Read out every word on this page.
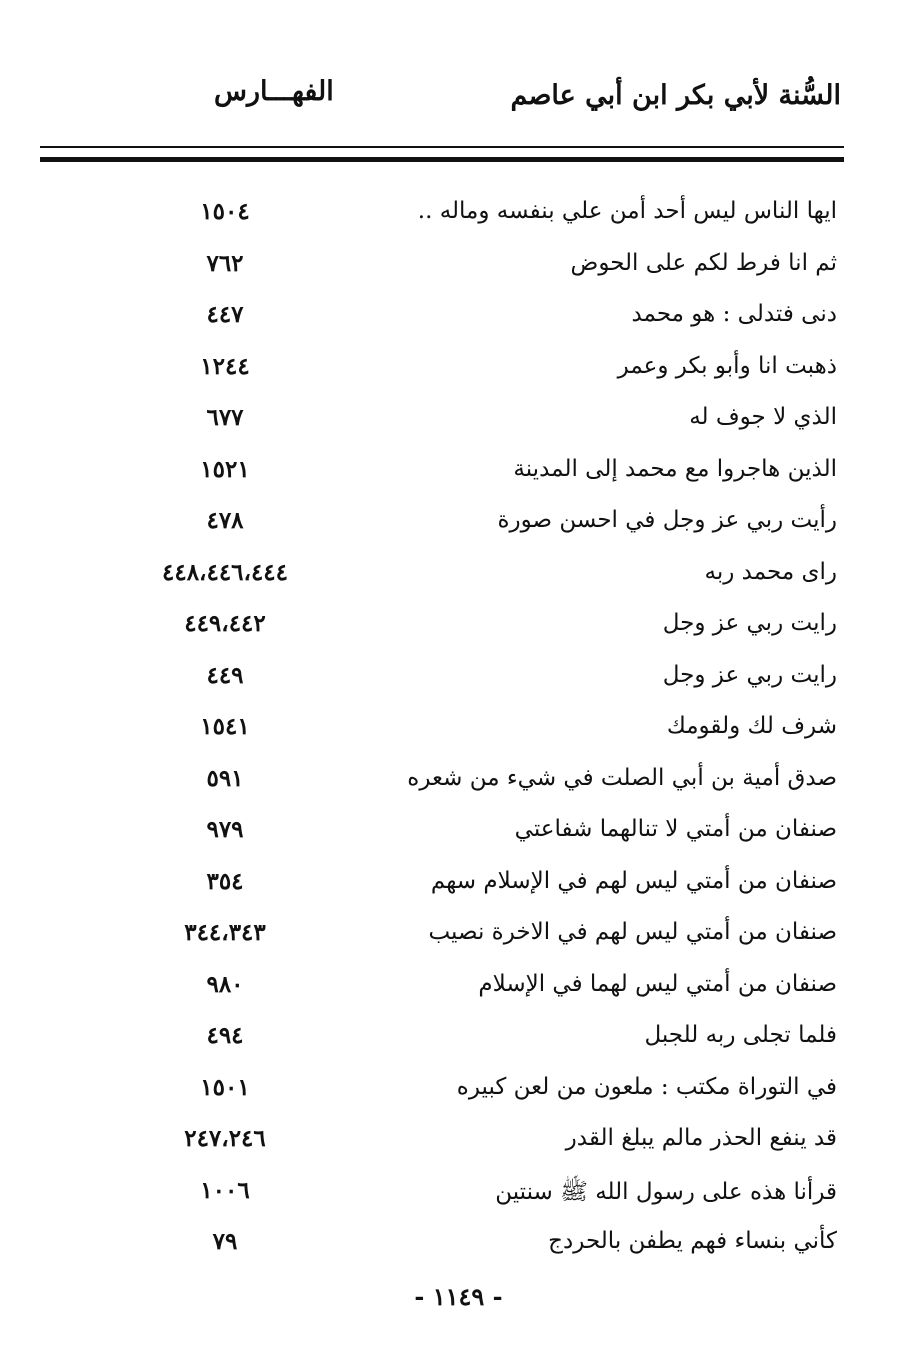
السُّنة لأبي بكر ابن أبي عاصم
الفهـــارس
ايها الناس ليس أحد أمن علي بنفسه وماله ..
١٥٠٤
ثم انا فرط لكم على الحوض
٧٦٢
دنى فتدلى : هو محمد
٤٤٧
ذهبت انا وأبو بكر وعمر
١٢٤٤
الذي لا جوف له
٦٧٧
الذين هاجروا مع محمد إلى المدينة
١٥٢١
رأيت ربي عز وجل في احسن صورة
٤٧٨
راى محمد ربه
٤٤٨،٤٤٦،٤٤٤
رايت ربي عز وجل
٤٤٩،٤٤٢
رايت ربي عز وجل
٤٤٩
شرف لك ولقومك
١٥٤١
صدق أمية بن أبي الصلت في شيء من شعره
٥٩١
صنفان من أمتي لا تنالهما شفاعتي
٩٧٩
صنفان من أمتي ليس لهم في الإسلام سهم
٣٥٤
صنفان من أمتي ليس لهم في الاخرة نصيب
٣٤٤،٣٤٣
صنفان من أمتي ليس لهما في الإسلام
٩٨٠
فلما تجلى ربه للجبل
٤٩٤
في التوراة مكتب : ملعون من لعن كبيره
١٥٠١
قد ينفع الحذر مالم يبلغ القدر
٢٤٧،٢٤٦
قرأنا هذه على رسول الله ﷺ سنتين
١٠٠٦
كأني بنساء فهم يطفن بالحردج
٧٩
- ١١٤٩ -
